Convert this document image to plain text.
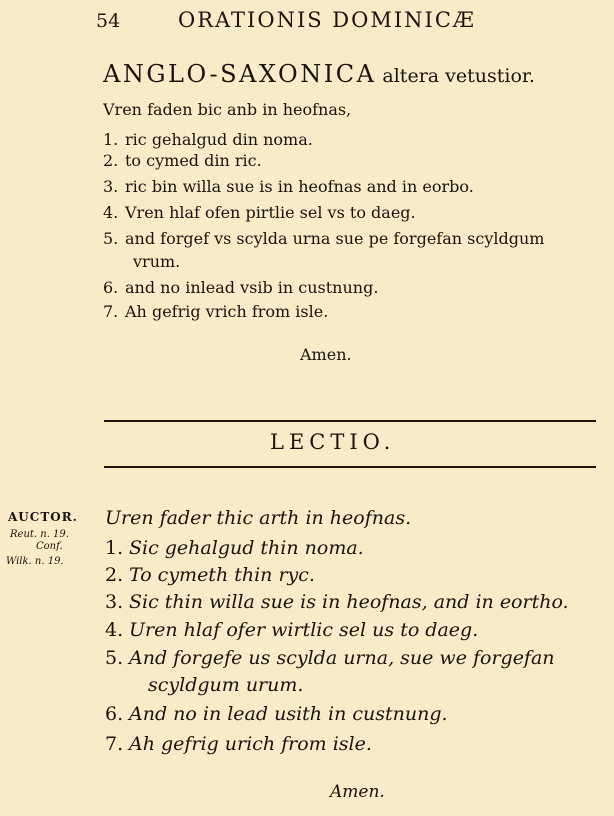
54	ORATIONIS DOMINICÆ
ANGLO-SAXONICA altera vetustior.
Vren faden bic anb in heofnas,
1. ric gehalgud din noma.
2. to cymed din ric.
3. ric bin willa sue is in heofnas and in eorbo.
4. Vren hlaf ofen pirtlie sel vs to daeg.
5. and forgef vs scylda urna sue pe forgefan scyldgum
vrum.
6. and no inlead vsib in custnung.
7. Ah gefrig vrich from isle.
Amen.
LECTIO.
AUCTOR.
Reut. n. 19.
Conf.
Wilk. n. 19.
Uren fader thic arth in heofnas.
1. Sic gehalgud thin noma.
2. To cymeth thin ryc.
3. Sic thin willa sue is in heofnas, and in eortho.
4. Uren hlaf ofer wirtlic sel us to daeg.
5. And forgefe us scylda urna, sue we forgefan
scyldgum urum.
6. And no in lead usith in custnung.
7. Ah gefrig urich from isle.
Amen.
